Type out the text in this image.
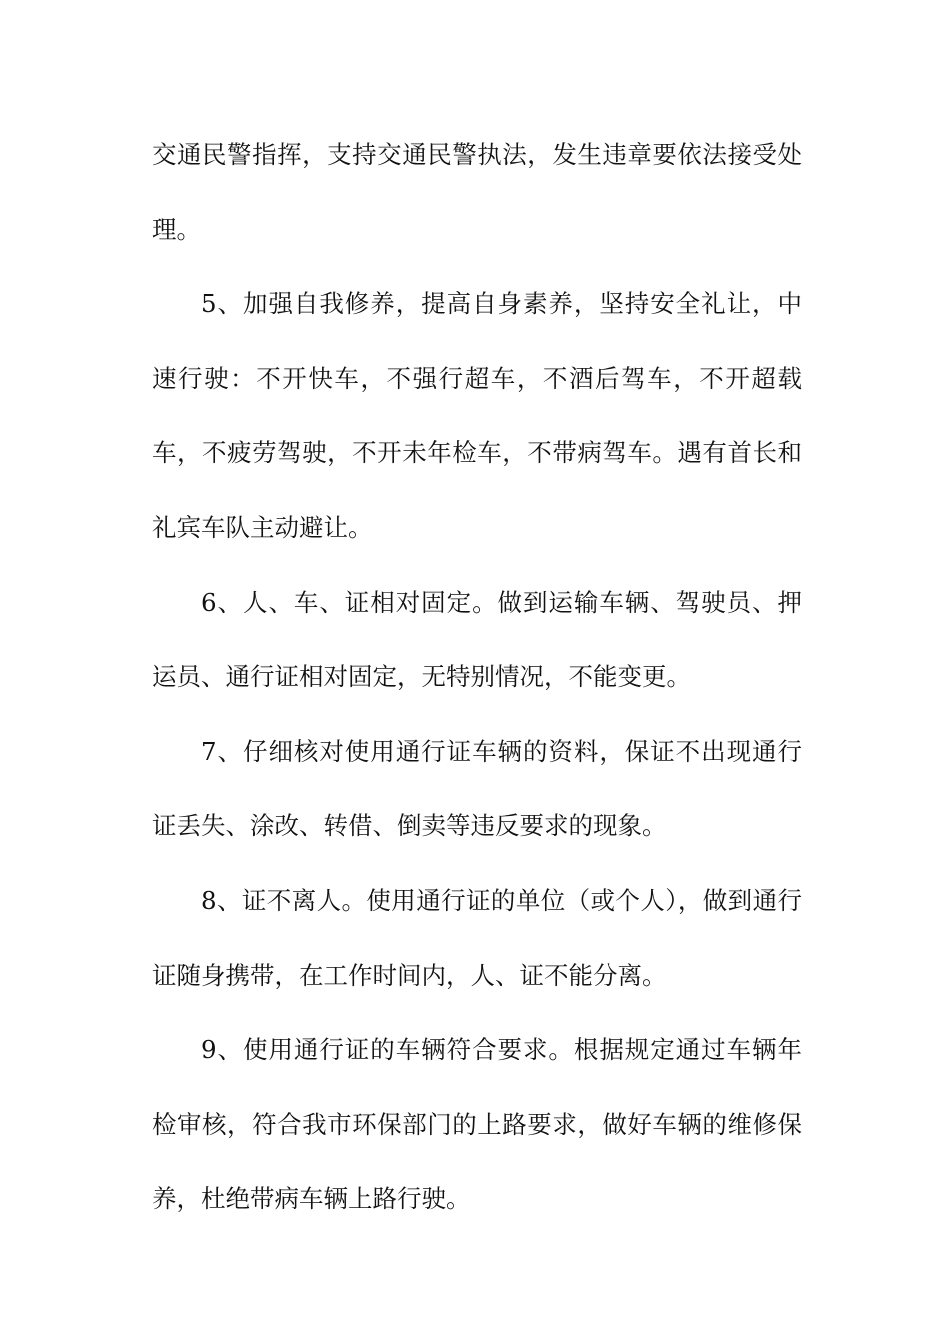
交通民警指挥，支持交通民警执法，发生违章要依法接受处理。

5、加强自我修养，提高自身素养，坚持安全礼让，中速行驶：不开快车，不强行超车，不酒后驾车，不开超载车，不疲劳驾驶，不开未年检车，不带病驾车。遇有首长和礼宾车队主动避让。

6、人、车、证相对固定。做到运输车辆、驾驶员、押运员、通行证相对固定，无特别情况，不能变更。

7、仔细核对使用通行证车辆的资料，保证不出现通行证丢失、涂改、转借、倒卖等违反要求的现象。

8、证不离人。使用通行证的单位（或个人），做到通行证随身携带，在工作时间内，人、证不能分离。

9、使用通行证的车辆符合要求。根据规定通过车辆年检审核，符合我市环保部门的上路要求，做好车辆的维修保养，杜绝带病车辆上路行驶。
